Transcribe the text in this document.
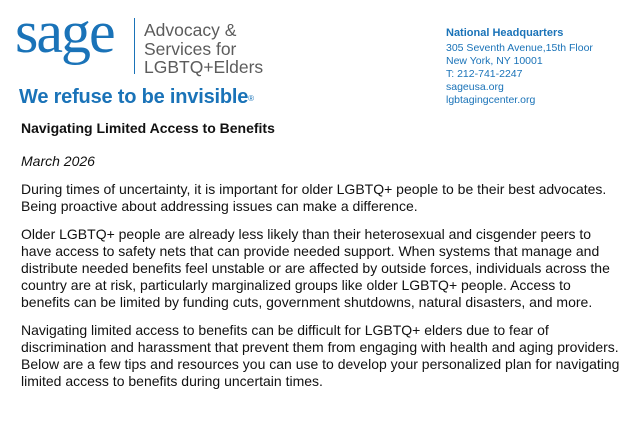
sage Advocacy &
Services for
LGBTQ+Elders
We refuse to be invisible®
National Headquarters
305 Seventh Avenue,15th Floor
New York, NY 10001
T: 212-741-2247
sageusa.org
lgbtagingcenter.org

Navigating Limited Access to Benefits

March 2026

During times of uncertainty, it is important for older LGBTQ+ people to be their best advocates. Being proactive about addressing issues can make a difference.

Older LGBTQ+ people are already less likely than their heterosexual and cisgender peers to have access to safety nets that can provide needed support. When systems that manage and distribute needed benefits feel unstable or are affected by outside forces, individuals across the country are at risk, particularly marginalized groups like older LGBTQ+ people. Access to benefits can be limited by funding cuts, government shutdowns, natural disasters, and more.

Navigating limited access to benefits can be difficult for LGBTQ+ elders due to fear of discrimination and harassment that prevent them from engaging with health and aging providers. Below are a few tips and resources you can use to develop your personalized plan for navigating limited access to benefits during uncertain times.
